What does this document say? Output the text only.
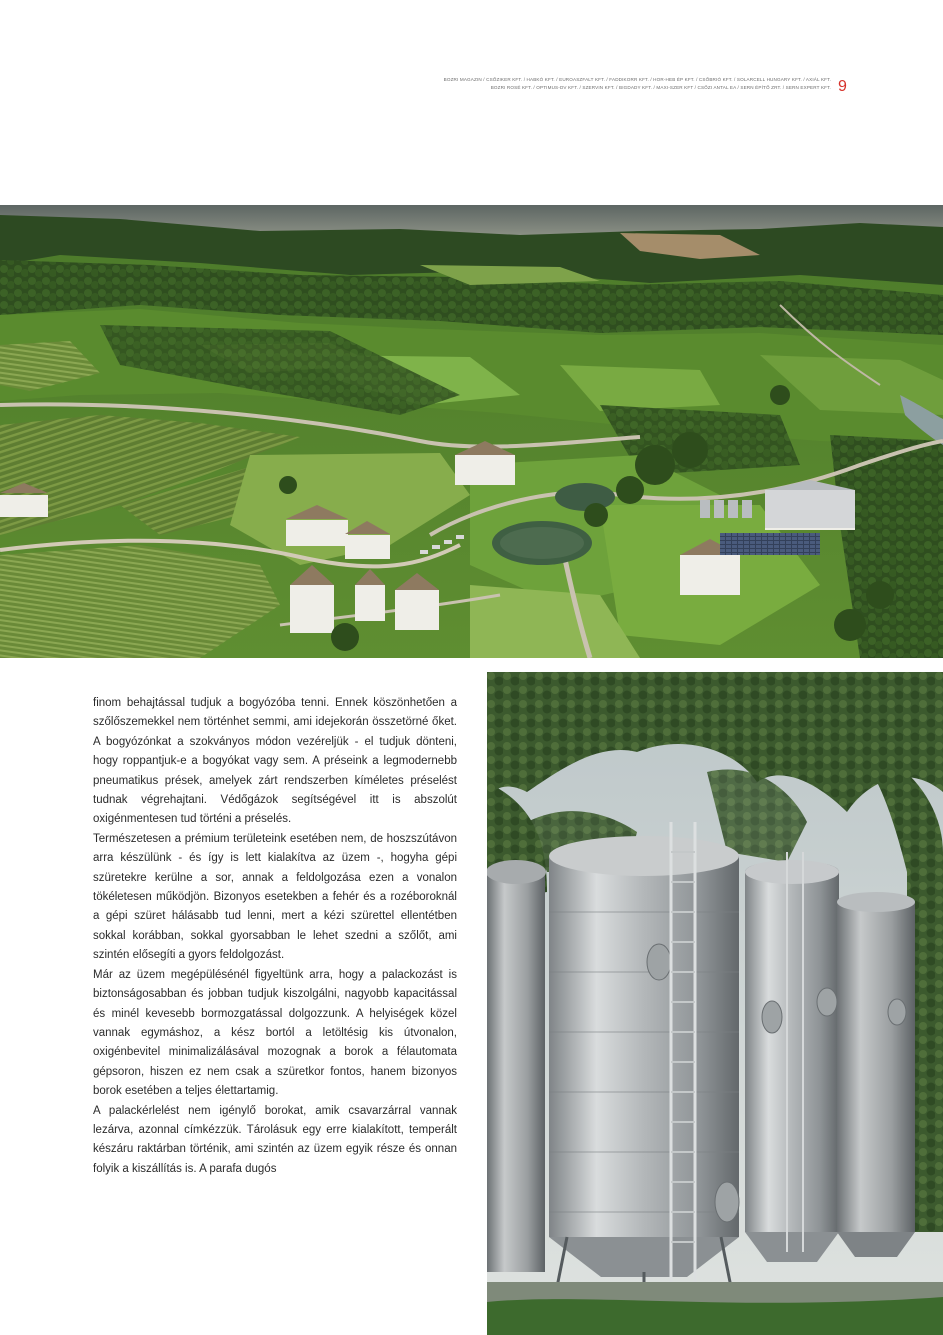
BOZRI MAGAZIN / CSŐZIKER KFT. / HABKÓ KFT. / EUROASZFALT KFT. / FADDIKORR KFT. / HOR-HEB ÉP KFT. / CSŐBRIÓ KFT. / SOLARCELL HUNGARY KFT. / AXIÁL KFT.
BOZRI ROSÉ KFT. / OPTIMUS-DV KFT. / SZERVIN KFT. / BIGDADY KFT. / MAXI-SZER KFT / CSŐZI ANTAL EA / SERN ÉPÍTŐ ZRT. / SERN EXPERT KFT. 9

finom behajtással tudjuk a bogyózóba tenni. Ennek köszönhetően a szőlőszemekkel nem történhet semmi, ami idejekorán összetörné őket. A bogyózónkat a szokványos módon vezéreljük - el tudjuk dönteni, hogy roppantjuk-e a bogyókat vagy sem. A préseink a legmodernebb pneumatikus prések, amelyek zárt rendszerben kíméletes préselést tudnak végrehajtani. Védőgázok segítségével itt is abszolút oxigénmentesen tud történi a préselés.

Természetesen a prémium területeink esetében nem, de hoszszútávon arra készülünk - és így is lett kialakítva az üzem -, hogyha gépi szüretekre kerülne a sor, annak a feldolgozása ezen a vonalon tökéletesen működjön. Bizonyos esetekben a fehér és a rozéboroknál a gépi szüret hálásabb tud lenni, mert a kézi szürettel ellentétben sokkal korábban, sokkal gyorsabban le lehet szedni a szőlőt, ami szintén elősegíti a gyors feldolgozást.

Már az üzem megépülésénél figyeltünk arra, hogy a palackozást is biztonságosabban és jobban tudjuk kiszolgálni, nagyobb kapacitással és minél kevesebb bormozgatással dolgozzunk. A helyiségek közel vannak egymáshoz, a kész bortól a letöltésig kis útvonalon, oxigénbevitel minimalizálásával mozognak a borok a félautomata gépsoron, hiszen ez nem csak a szüretkor fontos, hanem bizonyos borok esetében a teljes élettartamig.

A palackérlelést nem igénylő borokat, amik csavarzárral vannak lezárva, azonnal címkézzük. Tárolásuk egy erre kialakított, temperált készáru raktárban történik, ami szintén az üzem egyik része és onnan folyik a kiszállítás is. A parafa dugós
